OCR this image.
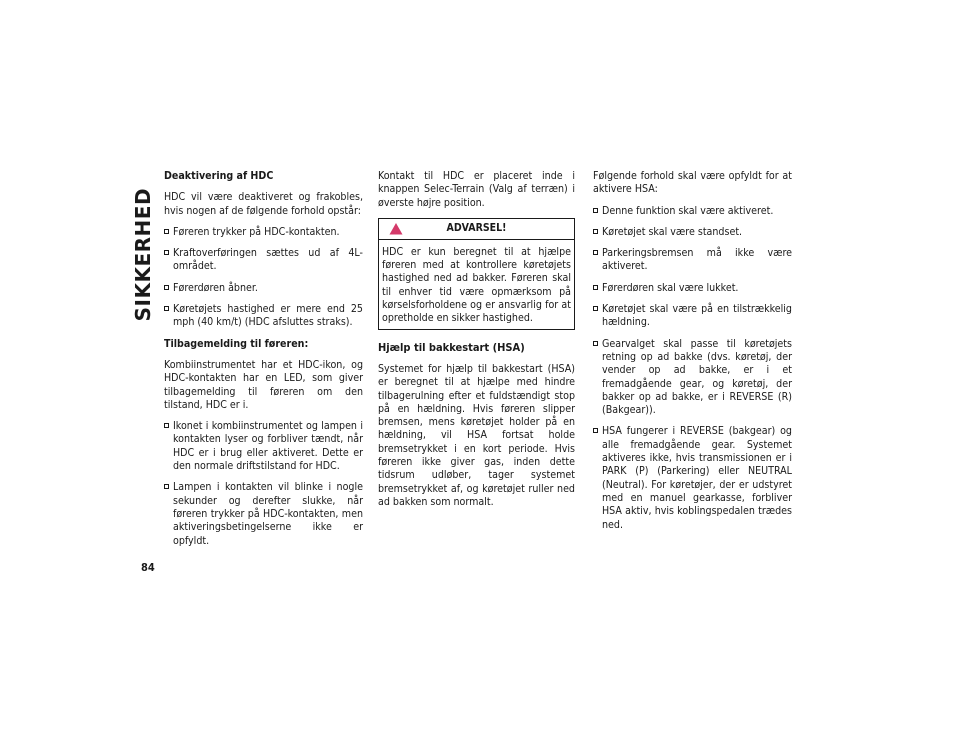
SIKKERHED
84
Deaktivering af HDC

HDC vil være deaktiveret og frakobles, hvis nogen af de følgende forhold opstår:

Føreren trykker på HDC-kontakten.
Kraftoverføringen sættes ud af 4L-området.
Førerdøren åbner.
Køretøjets hastighed er mere end 25 mph (40 km/t) (HDC afsluttes straks).
Tilbagemelding til føreren:

Kombiinstrumentet har et HDC-ikon, og HDC-kontakten har en LED, som giver tilbagemelding til føreren om den tilstand, HDC er i.

Ikonet i kombiinstrumentet og lampen i kontakten lyser og forbliver tændt, når HDC er i brug eller aktiveret. Dette er den normale driftstilstand for HDC.
Lampen i kontakten vil blinke i nogle sekunder og derefter slukke, når føreren trykker på HDC-kontakten, men aktiveringsbetingelserne ikke er opfyldt.

Kontakt til HDC er placeret inde i knappen Selec-Terrain (Valg af terræn) i øverste højre position.

ADVARSEL!

HDC er kun beregnet til at hjælpe føreren med at kontrollere køretøjets hastighed ned ad bakker. Føreren skal til enhver tid være opmærksom på kørselsforholdene og er ansvarlig for at opretholde en sikker hastighed.

Hjælp til bakkestart (HSA)

Systemet for hjælp til bakkestart (HSA) er beregnet til at hjælpe med hindre tilbagerulning efter et fuldstændigt stop på en hældning. Hvis føreren slipper bremsen, mens køretøjet holder på en hældning, vil HSA fortsat holde bremsetrykket i en kort periode. Hvis føreren ikke giver gas, inden dette tidsrum udløber, tager systemet bremsetrykket af, og køretøjet ruller ned ad bakken som normalt.

Følgende forhold skal være opfyldt for at aktivere HSA:

Denne funktion skal være aktiveret.
Køretøjet skal være standset.
Parkeringsbremsen må ikke være aktiveret.
Førerdøren skal være lukket.
Køretøjet skal være på en tilstrækkelig hældning.
Gearvalget skal passe til køretøjets retning op ad bakke (dvs. køretøj, der vender op ad bakke, er i et fremadgående gear, og køretøj, der bakker op ad bakke, er i REVERSE (R) (Bakgear)).
HSA fungerer i REVERSE (bakgear) og alle fremadgående gear. Systemet aktiveres ikke, hvis transmissionen er i PARK (P) (Parkering) eller NEUTRAL (Neutral). For køretøjer, der er udstyret med en manuel gearkasse, forbliver HSA aktiv, hvis koblingspedalen trædes ned.
